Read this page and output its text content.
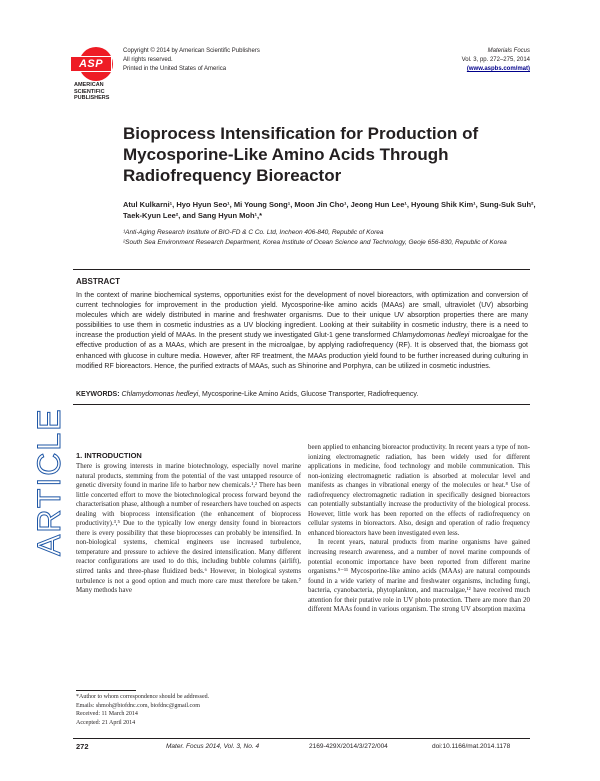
ASP
AMERICAN SCIENTIFIC PUBLISHERS
Copyright © 2014 by American Scientific Publishers
All rights reserved.
Printed in the United States of America
Materials Focus
Vol. 3, pp. 272–275, 2014
(www.aspbs.com/mat)
Bioprocess Intensification for Production of Mycosporine-Like Amino Acids Through Radiofrequency Bioreactor
Atul Kulkarni¹, Hyo Hyun Seo¹, Mi Young Song¹, Moon Jin Cho¹, Jeong Hun Lee¹, Hyoung Shik Kim¹, Sung-Suk Suh², Taek-Kyun Lee², and Sang Hyun Moh¹,*
¹Anti-Aging Research Institute of BIO-FD & C Co. Ltd, Incheon 406-840, Republic of Korea
²South Sea Environment Research Department, Korea Institute of Ocean Science and Technology, Geoje 656-830, Republic of Korea
ABSTRACT
In the context of marine biochemical systems, opportunities exist for the development of novel bioreactors, with optimization and conversion of current technologies for improvement in the production yield. Mycosporine-like amino acids (MAAs) are small, ultraviolet (UV) absorbing molecules which are widely distributed in marine and freshwater organisms. Due to their unique UV absorption properties there are many possibilities to use them in cosmetic industries as a UV blocking ingredient. Looking at their suitability in cosmetic industry, there is a need to increase the production yield of MAAs. In the present study we investigated Glut-1 gene transformed Chlamydomonas hedleyi microalgae for the effective production of as a MAAs, which are present in the microalgae, by applying radiofrequency (RF). It is observed that, the biomass got enhanced with glucose in culture media. However, after RF treatment, the MAAs production yield found to be further increased during culturing in modified RF bioreactors. Hence, the purified extracts of MAAs, such as Shinorine and Porphyra, can be utilized in cosmetic industries.
KEYWORDS: Chlamydomonas hedleyi, Mycosporine-Like Amino Acids, Glucose Transporter, Radiofrequency.
ARTICLE 1. INTRODUCTION
There is growing interests in marine biotechnology, especially novel marine natural products, stemming from the potential of the vast untapped resource of genetic diversity found in marine life to harbor new chemicals.¹,² There has been little concerted effort to move the biotechnological process forward beyond the characterisation phase, although a number of researchers have touched on aspects dealing with bioprocess intensification (the enhancement of bioprocess productivity).³,⁵ Due to the typically low energy density found in bioreactors there is every possibility that these bioprocesses can probably be intensified. In non-biological systems, chemical engineers use increased turbulence, temperature and pressure to achieve the desired intensification. Many different reactor configurations are used to do this, including bubble columns (airlift), stirred tanks and three-phase fluidized beds.⁶ However, in biological systems turbulence is not a good option and much more care must therefore be taken.⁷ Many methods have

been applied to enhancing bioreactor productivity. In recent years a type of non-ionizing electromagnetic radiation, has been widely used for different applications in medicine, food technology and mobile communication. This non-ionizing electromagnetic radiation is absorbed at molecular level and manifests as changes in vibrational energy of the molecules or heat.⁸ Use of radiofrequency electromagnetic radiation in specifically designed bioreactors can potentially substantially increase the productivity of the biological process. However, little work has been reported on the effects of radiofrequency on cellular systems in bioreactors. Also, design and operation of radio frequency enhanced bioreactors have been investigated even less.

In recent years, natural products from marine organisms have gained increasing research awareness, and a number of novel marine compounds of potential economic importance have been reported from different marine organisms.⁹⁻¹¹ Mycosporine-like amino acids (MAAs) are natural compounds found in a wide variety of marine and freshwater organisms, including fungi, bacteria, cyanobacteria, phytoplankton, and macroalgae,¹² have received much attention for their putative role in UV photo protection. There are more than 20 different MAAs found in various organism. The strong UV absorption maxima

*Author to whom correspondence should be addressed.
Emails: shmoh@biofdnc.com, biofdnc@gmail.com
Received: 11 March 2014
Accepted: 21 April 2014
272	Mater. Focus 2014, Vol. 3, No. 4	2169-429X/2014/3/272/004	doi:10.1166/mat.2014.1178
